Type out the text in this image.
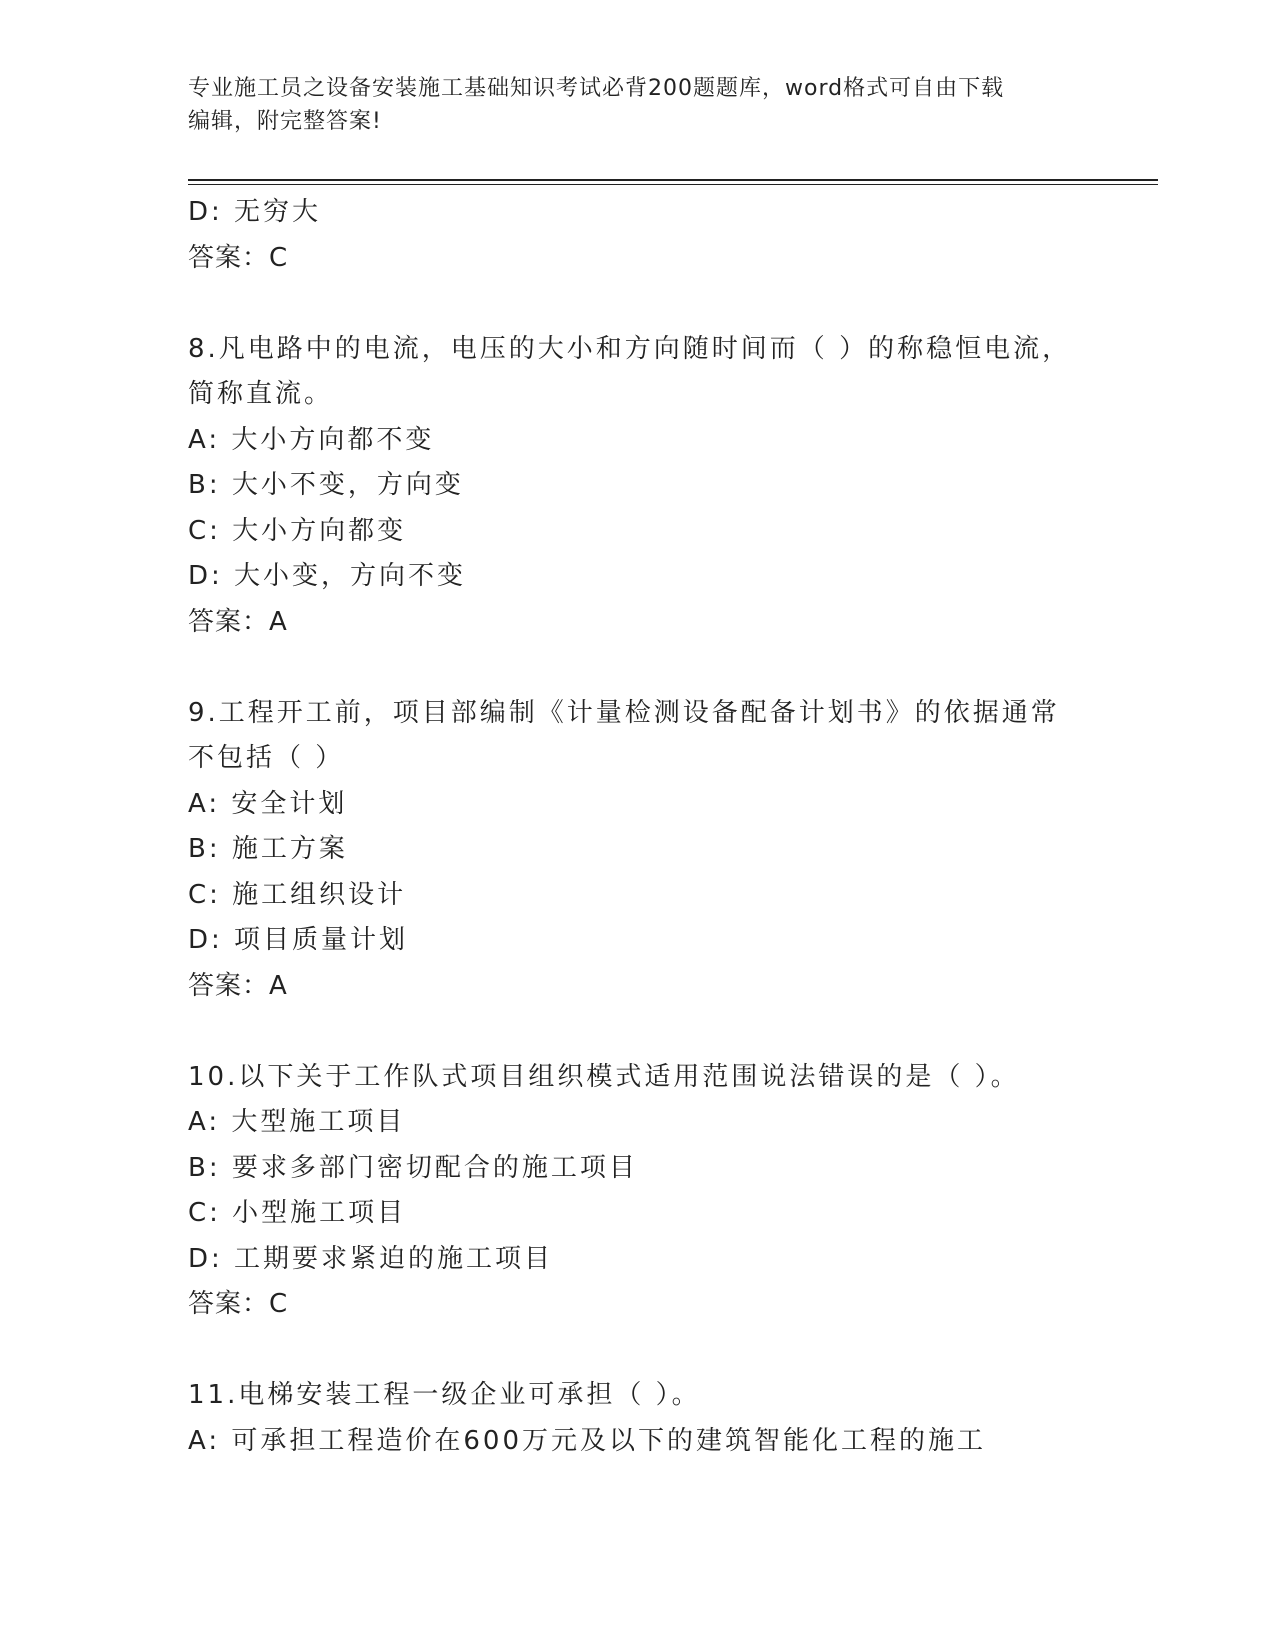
专业施工员之设备安装施工基础知识考试必背200题题库，word格式可自由下载
编辑，附完整答案!
D: 无穷大
答案：C
8.凡电路中的电流，电压的大小和方向随时间而（ ）的称稳恒电流，
简称直流。
A: 大小方向都不变
B: 大小不变，方向变
C: 大小方向都变
D: 大小变，方向不变
答案：A
9.工程开工前，项目部编制《计量检测设备配备计划书》的依据通常
不包括（ ）
A: 安全计划
B: 施工方案
C: 施工组织设计
D: 项目质量计划
答案：A
10.以下关于工作队式项目组织模式适用范围说法错误的是（ ）。
A: 大型施工项目
B: 要求多部门密切配合的施工项目
C: 小型施工项目
D: 工期要求紧迫的施工项目
答案：C
11.电梯安装工程一级企业可承担（ ）。
A: 可承担工程造价在600万元及以下的建筑智能化工程的施工
